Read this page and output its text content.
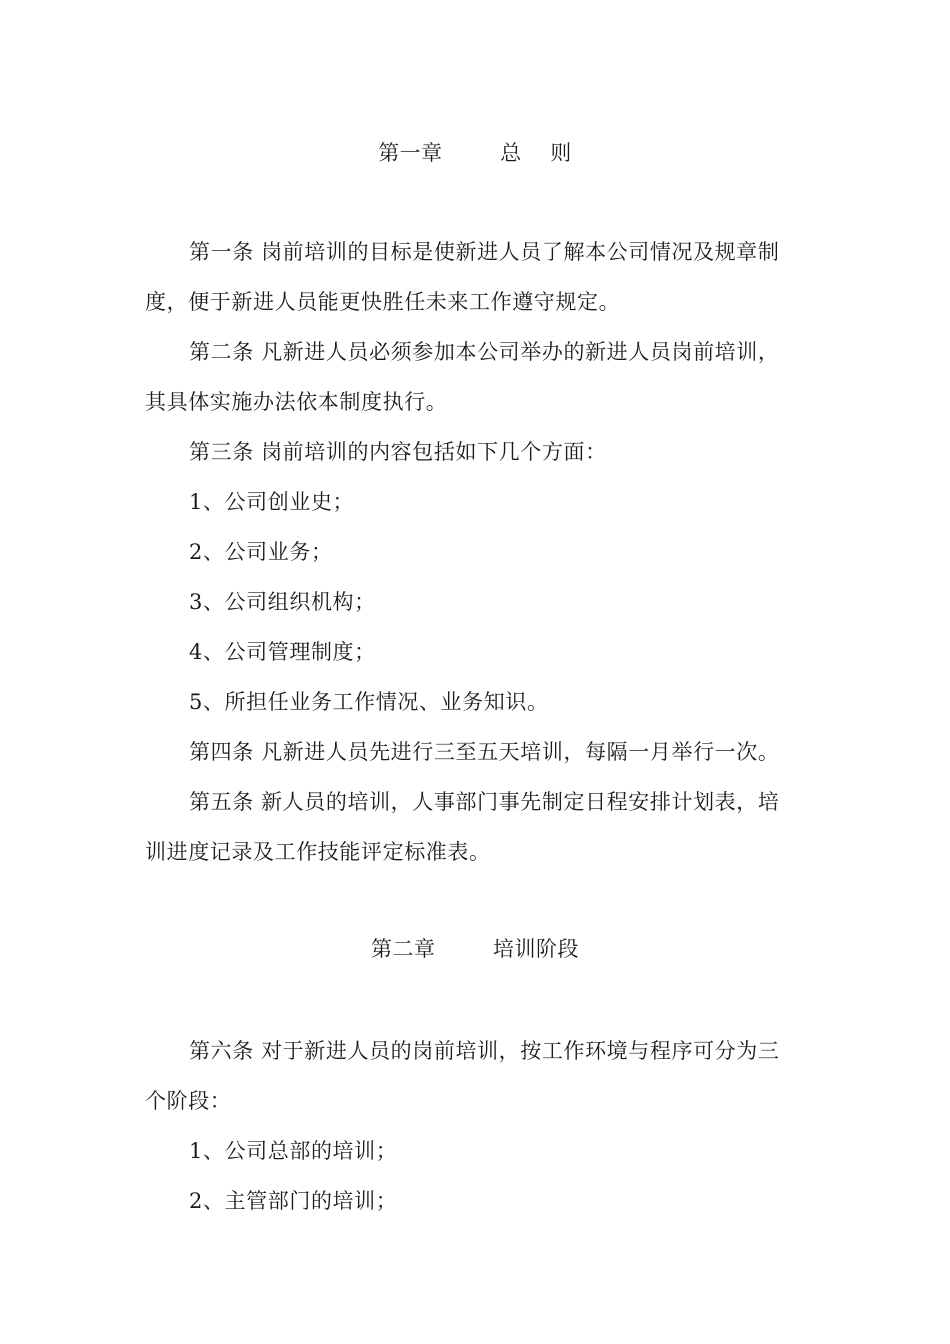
第一章        总    则
第一条 岗前培训的目标是使新进人员了解本公司情况及规章制
度，便于新进人员能更快胜任未来工作遵守规定。
第二条 凡新进人员必须参加本公司举办的新进人员岗前培训，
其具体实施办法依本制度执行。
第三条 岗前培训的内容包括如下几个方面：
1、公司创业史；
2、公司业务；
3、公司组织机构；
4、公司管理制度；
5、所担任业务工作情况、业务知识。
第四条 凡新进人员先进行三至五天培训，每隔一月举行一次。
第五条 新人员的培训，人事部门事先制定日程安排计划表，培
训进度记录及工作技能评定标准表。
第二章        培训阶段
第六条 对于新进人员的岗前培训，按工作环境与程序可分为三
个阶段：
1、公司总部的培训；
2、主管部门的培训；
